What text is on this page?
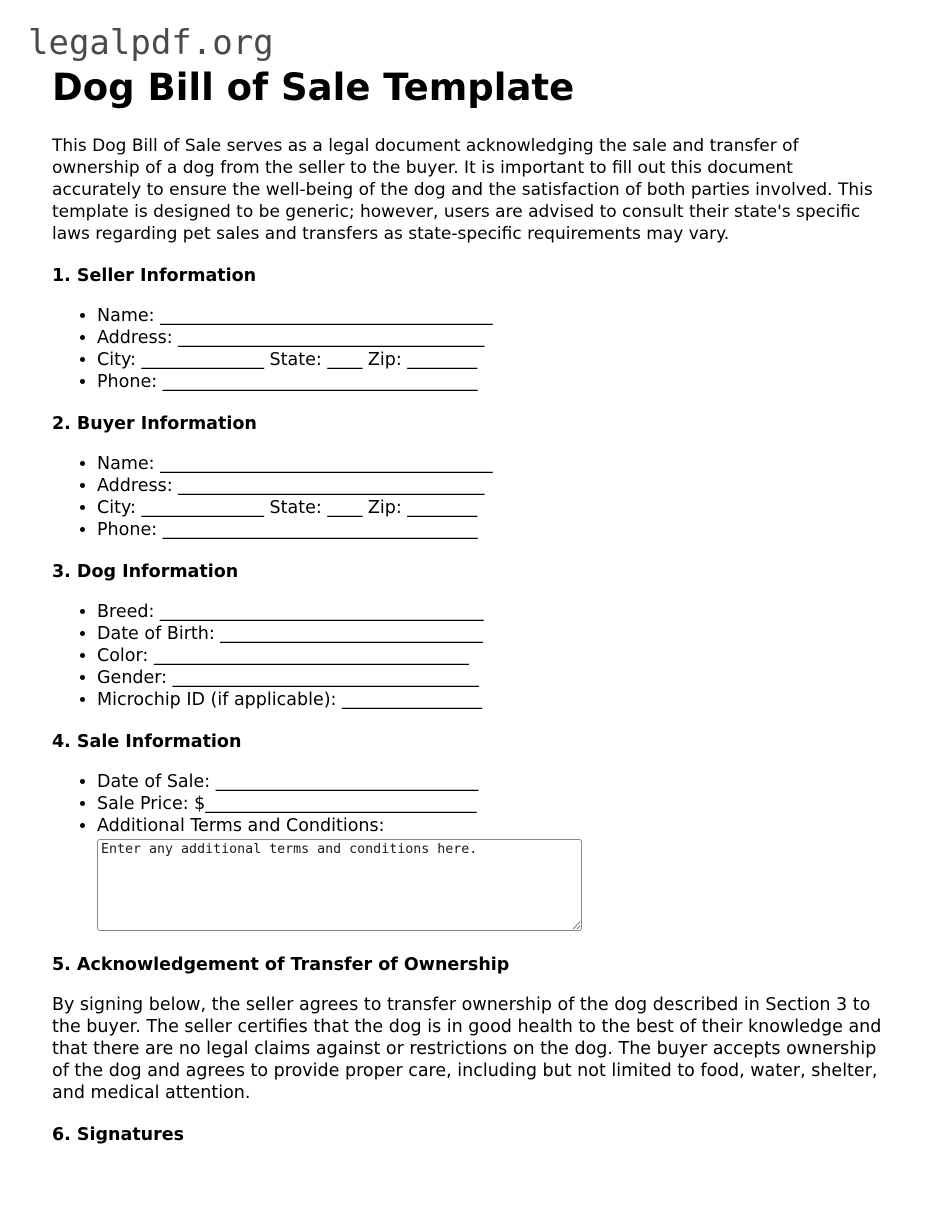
legalpdf.org
Dog Bill of Sale Template

This Dog Bill of Sale serves as a legal document acknowledging the sale and transfer of ownership of a dog from the seller to the buyer. It is important to fill out this document accurately to ensure the well-being of the dog and the satisfaction of both parties involved. This template is designed to be generic; however, users are advised to consult their state's specific laws regarding pet sales and transfers as state-specific requirements may vary.

1. Seller Information
• Name: ______________________________________
• Address: ___________________________________
• City: ______________ State: ____ Zip: ________
• Phone: ____________________________________
2. Buyer Information
• Name: ______________________________________
• Address: ___________________________________
• City: ______________ State: ____ Zip: ________
• Phone: ____________________________________
3. Dog Information
• Breed: _____________________________________
• Date of Birth: ______________________________
• Color: ____________________________________
• Gender: ___________________________________
• Microchip ID (if applicable): ________________
4. Sale Information
• Date of Sale: ______________________________
• Sale Price: $_______________________________
• Additional Terms and Conditions:
Enter any additional terms and conditions here.
5. Acknowledgement of Transfer of Ownership

By signing below, the seller agrees to transfer ownership of the dog described in Section 3 to the buyer. The seller certifies that the dog is in good health to the best of their knowledge and that there are no legal claims against or restrictions on the dog. The buyer accepts ownership of the dog and agrees to provide proper care, including but not limited to food, water, shelter, and medical attention.

6. Signatures
